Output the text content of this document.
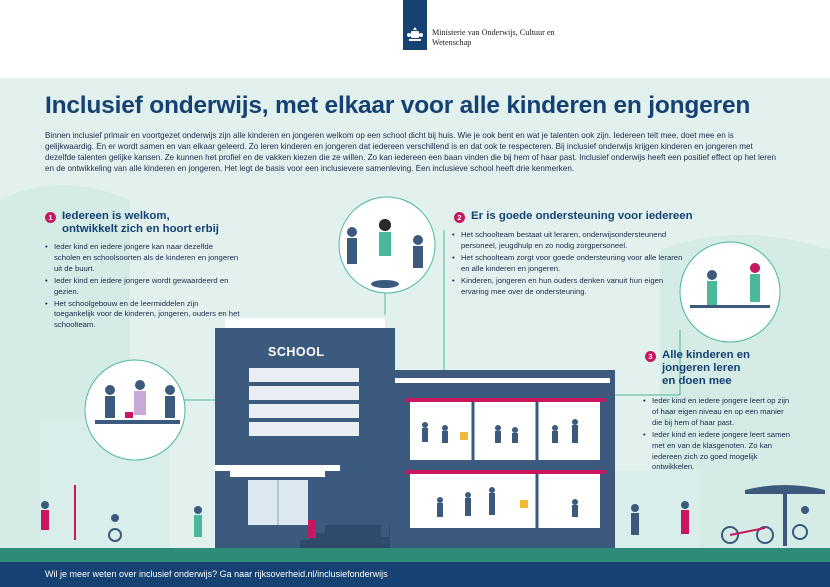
Ministerie van Onderwijs, Cultuur en
Wetenschap
Inclusief onderwijs, met elkaar voor alle kinderen en jongeren
Binnen inclusief primair en voortgezet onderwijs zijn alle kinderen en jongeren welkom op een school dicht bij huis. Wie je ook bent en wat je talenten ook zijn. Iedereen telt mee, doet mee en is gelijkwaardig. En er wordt samen en van elkaar geleerd. Zo leren kinderen en jongeren dat iedereen verschillend is en dat ook te respecteren. Bij inclusief onderwijs krijgen kinderen en jongeren met dezelfde talenten gelijke kansen. Ze kunnen het profiel en de vakken kiezen die ze willen. Zo kan iedereen een baan vinden die bij hem of haar past. Inclusief onderwijs heeft een positief effect op het leren en de ontwikkeling van alle kinderen en jongeren. Het legt de basis voor een inclusievere samenleving. Een inclusieve school heeft drie kenmerken.
1 Iedereen is welkom,
ontwikkelt zich en hoort erbij
• Ieder kind en iedere jongere kan naar dezelfde scholen en schoolsoorten als de kinderen en jongeren uit de buurt.
• Ieder kind en iedere jongere wordt gewaardeerd en gezien.
• Het schoolgebouw en de leermiddelen zijn toegankelijk voor de kinderen, jongeren, ouders en het schoolteam.
2 Er is goede ondersteuning voor iedereen
• Het schoolteam bestaat uit leraren, onderwijsondersteunend personeel, jeugdhulp en zo nodig zorgpersoneel.
• Het schoolteam zorgt voor goede ondersteuning voor alle leraren en alle kinderen en jongeren.
• Kinderen, jongeren en hun ouders denken vanuit hun eigen ervaring mee over de ondersteuning.
3 Alle kinderen en
jongeren leren
en doen mee
• Ieder kind en iedere jongere leert op zijn of haar eigen niveau en op een manier die bij hem of haar past.
• Ieder kind en iedere jongere leert samen met en van de klasgenoten. Zo kan iedereen zich zo goed mogelijk ontwikkelen.
SCHOOL
Wil je meer weten over inclusief onderwijs? Ga naar rijksoverheid.nl/inclusiefonderwijs
